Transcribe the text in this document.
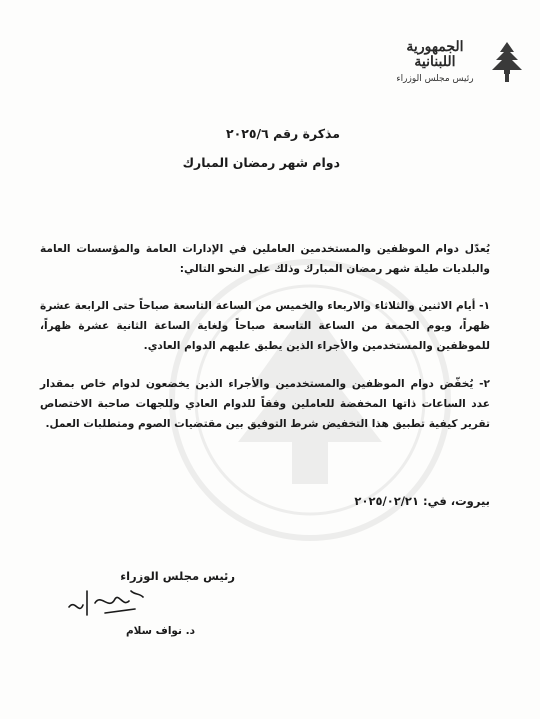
الجمهورية
اللبنانية
رئيس مجلس الوزراء
مذكرة رقم ٢٠٢٥/٦
دوام شهر رمضان المبارك
يُعدّل دوام الموظفين والمستخدمين العاملين في الإدارات العامة والمؤسسات العامة والبلديات طيلة شهر رمضان المبارك وذلك على النحو التالي:
١- أيام الاثنين والثلاثاء والاربعاء والخميس من الساعة التاسعة صباحاً حتى الرابعة عشرة ظهراً، ويوم الجمعة من الساعة التاسعة صباحاً ولغاية الساعة الثانية عشرة ظهراً، للموظفين والمستخدمين والأجراء الذين يطبق عليهم الدوام العادي.
٢- يُخفّض دوام الموظفين والمستخدمين والأجراء الذين يخضعون لدوام خاص بمقدار عدد الساعات ذاتها المخفضة للعاملين وفقاً للدوام العادي وللجهات صاحبة الاختصاص تقرير كيفية تطبيق هذا التخفيض شرط التوفيق بين مقتضيات الصوم ومتطلبات العمل.
بيروت، في: ٢٠٢٥/٠٢/٢١
رئيس مجلس الوزراء
د. نواف سلام
